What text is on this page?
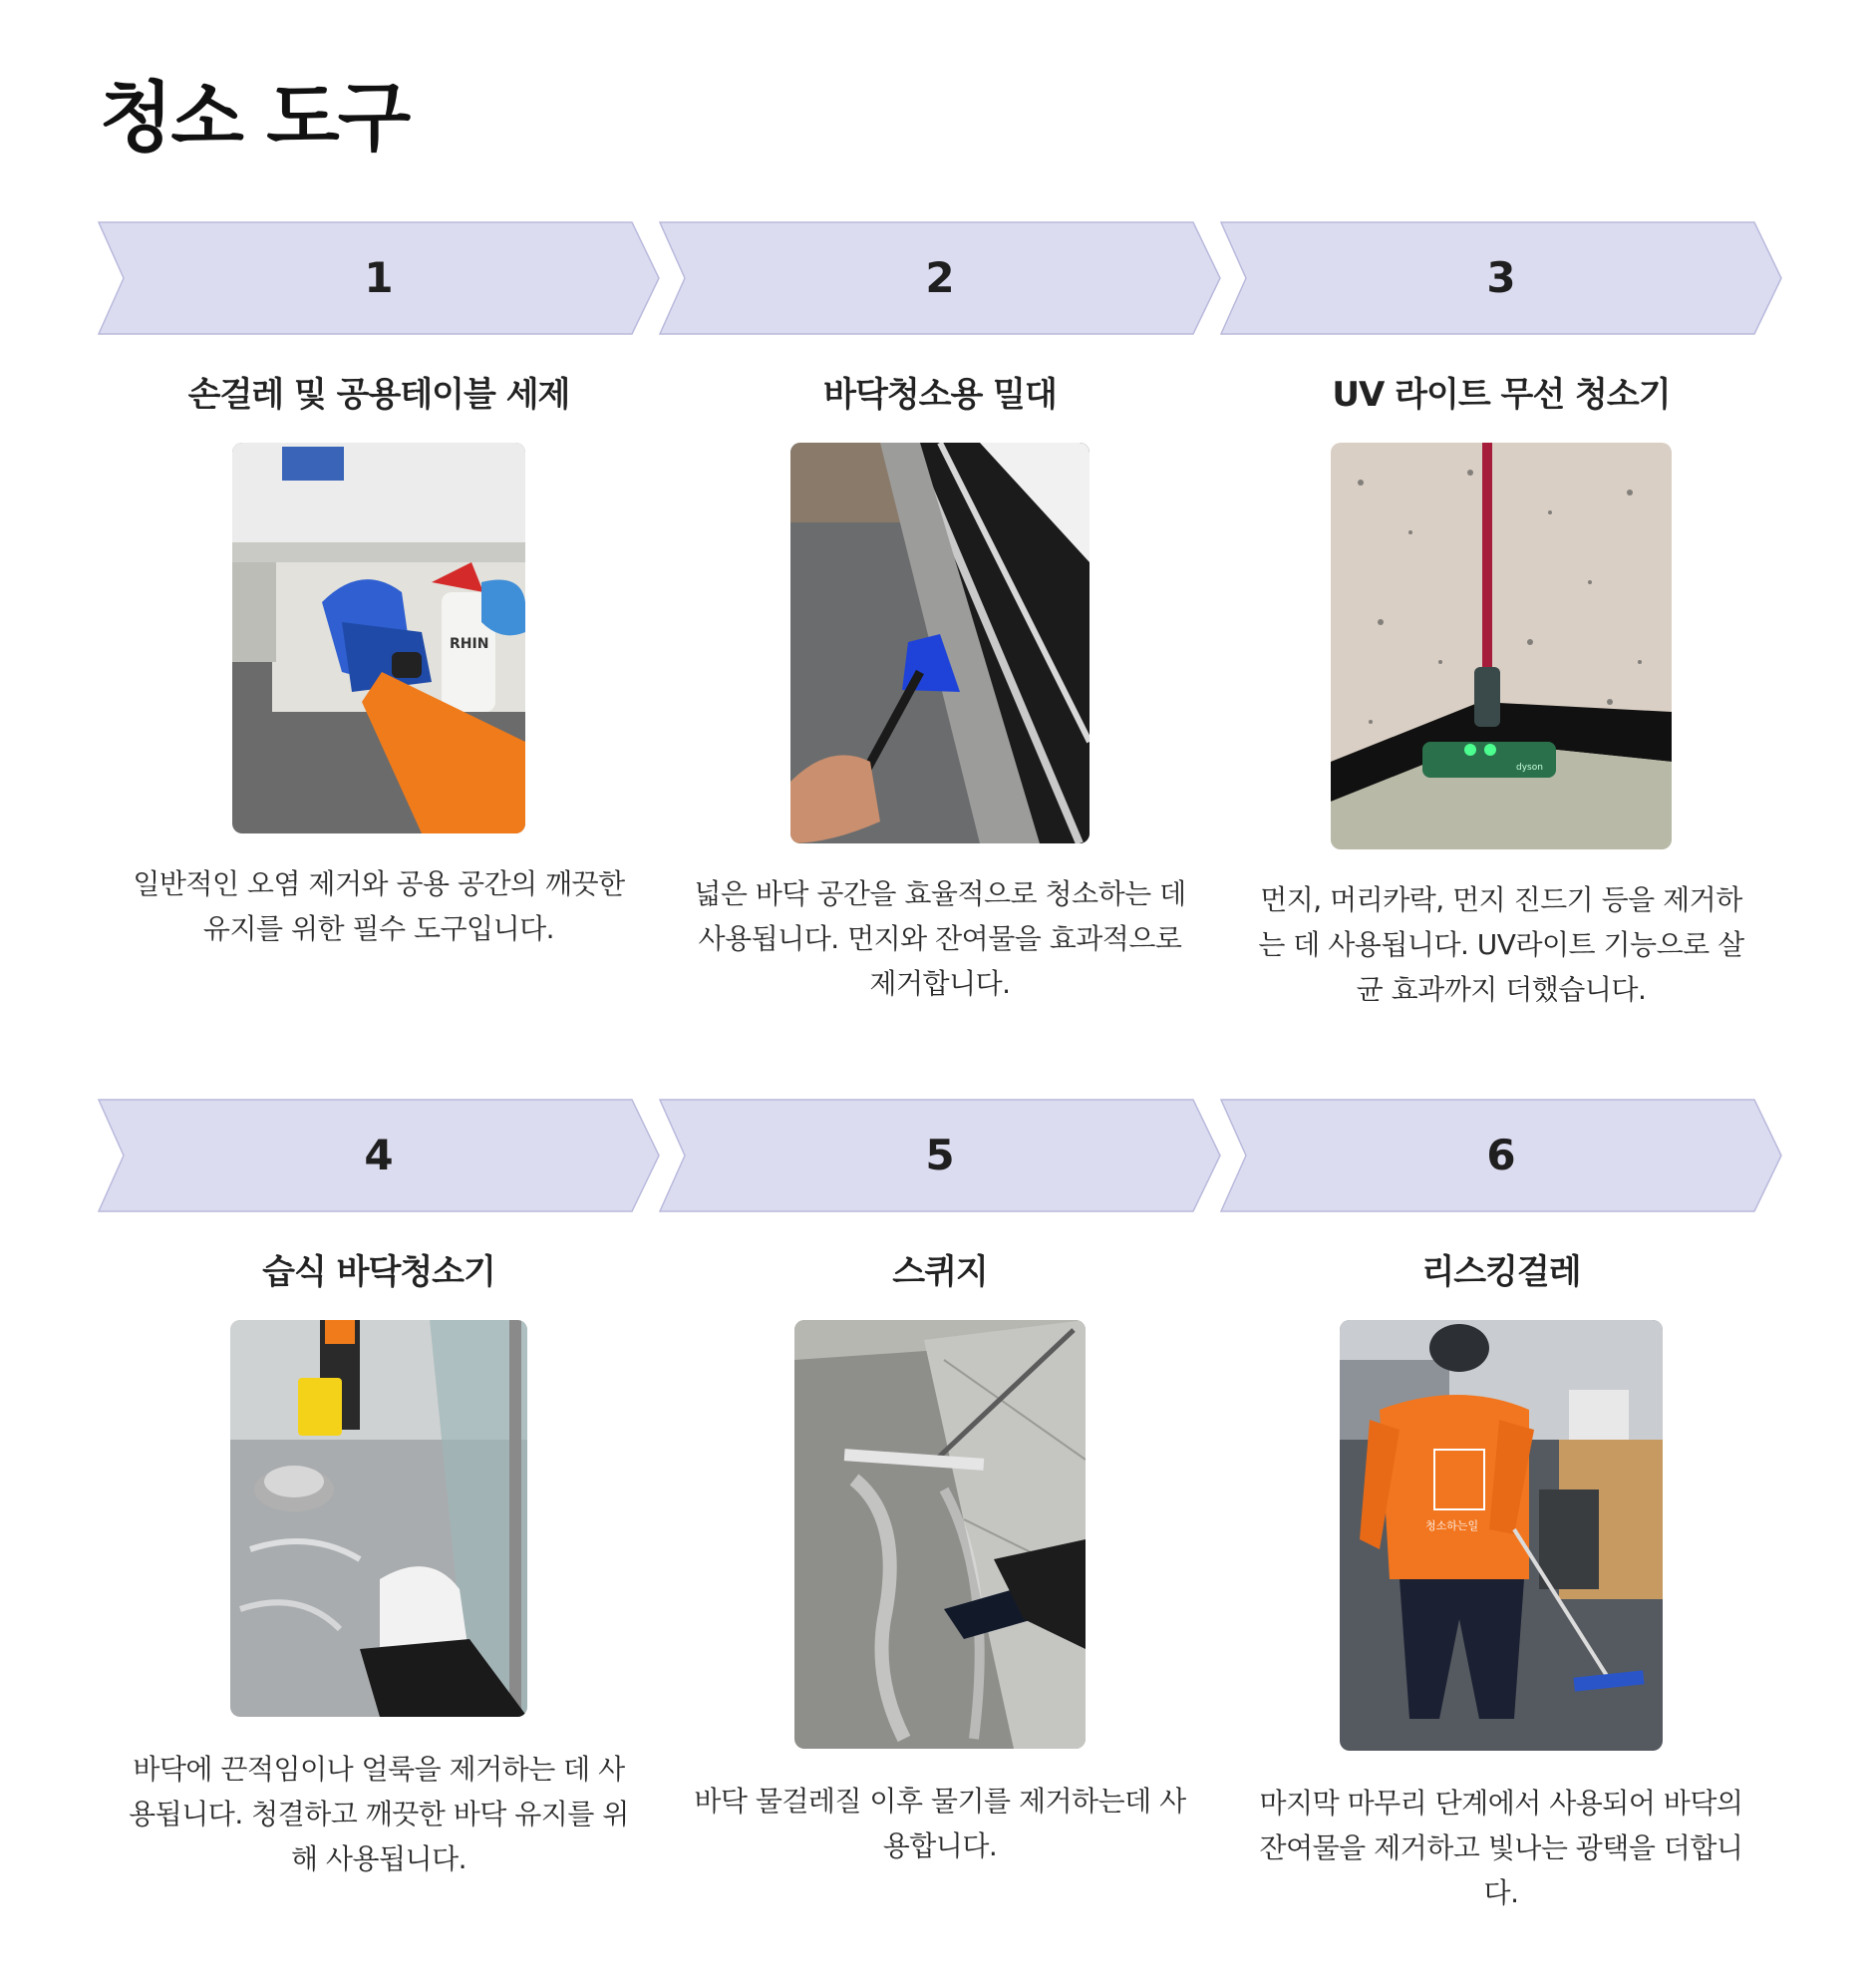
청소 도구
1	2	3
손걸레 및 공용테이블 세제
RHIN

일반적인 오염 제거와 공용 공간의 깨끗한 유지를 위한 필수 도구입니다.

바닥청소용 밀대

넓은 바닥 공간을 효율적으로 청소하는 데 사용됩니다. 먼지와 잔여물을 효과적으로 제거합니다.

UV 라이트 무선 청소기
dyson

먼지, 머리카락, 먼지 진드기 등을 제거하는 데 사용됩니다. UV라이트 기능으로 살균 효과까지 더했습니다.

4	5	6
습식 바닥청소기

바닥에 끈적임이나 얼룩을 제거하는 데 사용됩니다. 청결하고 깨끗한 바닥 유지를 위해 사용됩니다.

스퀴지

바닥 물걸레질 이후 물기를 제거하는데 사용합니다.

리스킹걸레
청소하는일

마지막 마무리 단계에서 사용되어 바닥의 잔여물을 제거하고 빛나는 광택을 더합니다.
